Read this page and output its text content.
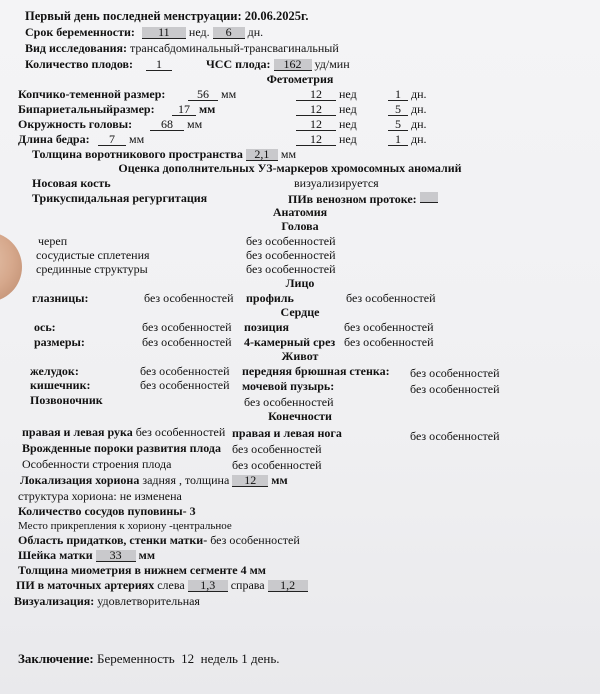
Первый день последней менструации: 20.06.2025г.
Срок беременности: 11 нед. 6 дн.
Вид исследования: трансабдоминальный-трансвагинальный
Количество плодов: 1	ЧСС плода: 162 уд/мин
Фетометрия
Копчико-теменной размер:	56 мм	12 нед	1 дн.
Бипариетальныйразмер:	17 мм	12 нед	5 дн.
Окружность головы:	68 мм	12 нед	5 дн.
Длина бедра:	7 мм	12 нед	1 дн.
Толщина воротникового пространства 2,1 мм
Оценка дополнительных УЗ-маркеров хромосомных аномалий
Носовая кость	визуализируется
Трикуспидальная регургитация	ПИв венозном протоке:
Анатомия
Голова
череп	без особенностей
сосудистые сплетения	без особенностей
срединные структуры	без особенностей
Лицо
глазницы:	без особенностей профиль	без особенностей
Сердце
ось:	без особенностей позиция	без особенностей
размеры:	без особенностей 4-камерный срез без особенностей
Живот
желудок:	без особенностей передняя брюшная стенка: без особенностей
кишечник:	без особенностей мочевой пузырь:	без особенностей
Позвоночник	без особенностей
Конечности
правая и левая рука без особенностей правая и левая нога	без особенностей
Врожденные пороки развития плода без особенностей
Особенности строения плода	без особенностей
Локализация хориона задняя , толщина 12 мм
структура хориона: не изменена
Количество сосудов пуповины- 3
Место прикрепления к хориону -центральное
Область придатков, стенки матки- без особенностей
Шейка матки 33 мм
Толщина миометрия в нижнем сегменте 4 мм
ПИ в маточных артериях слева 1,3 справа 1,2
Визуализация: удовлетворительная
Заключение: Беременность  12  недель 1 день.
